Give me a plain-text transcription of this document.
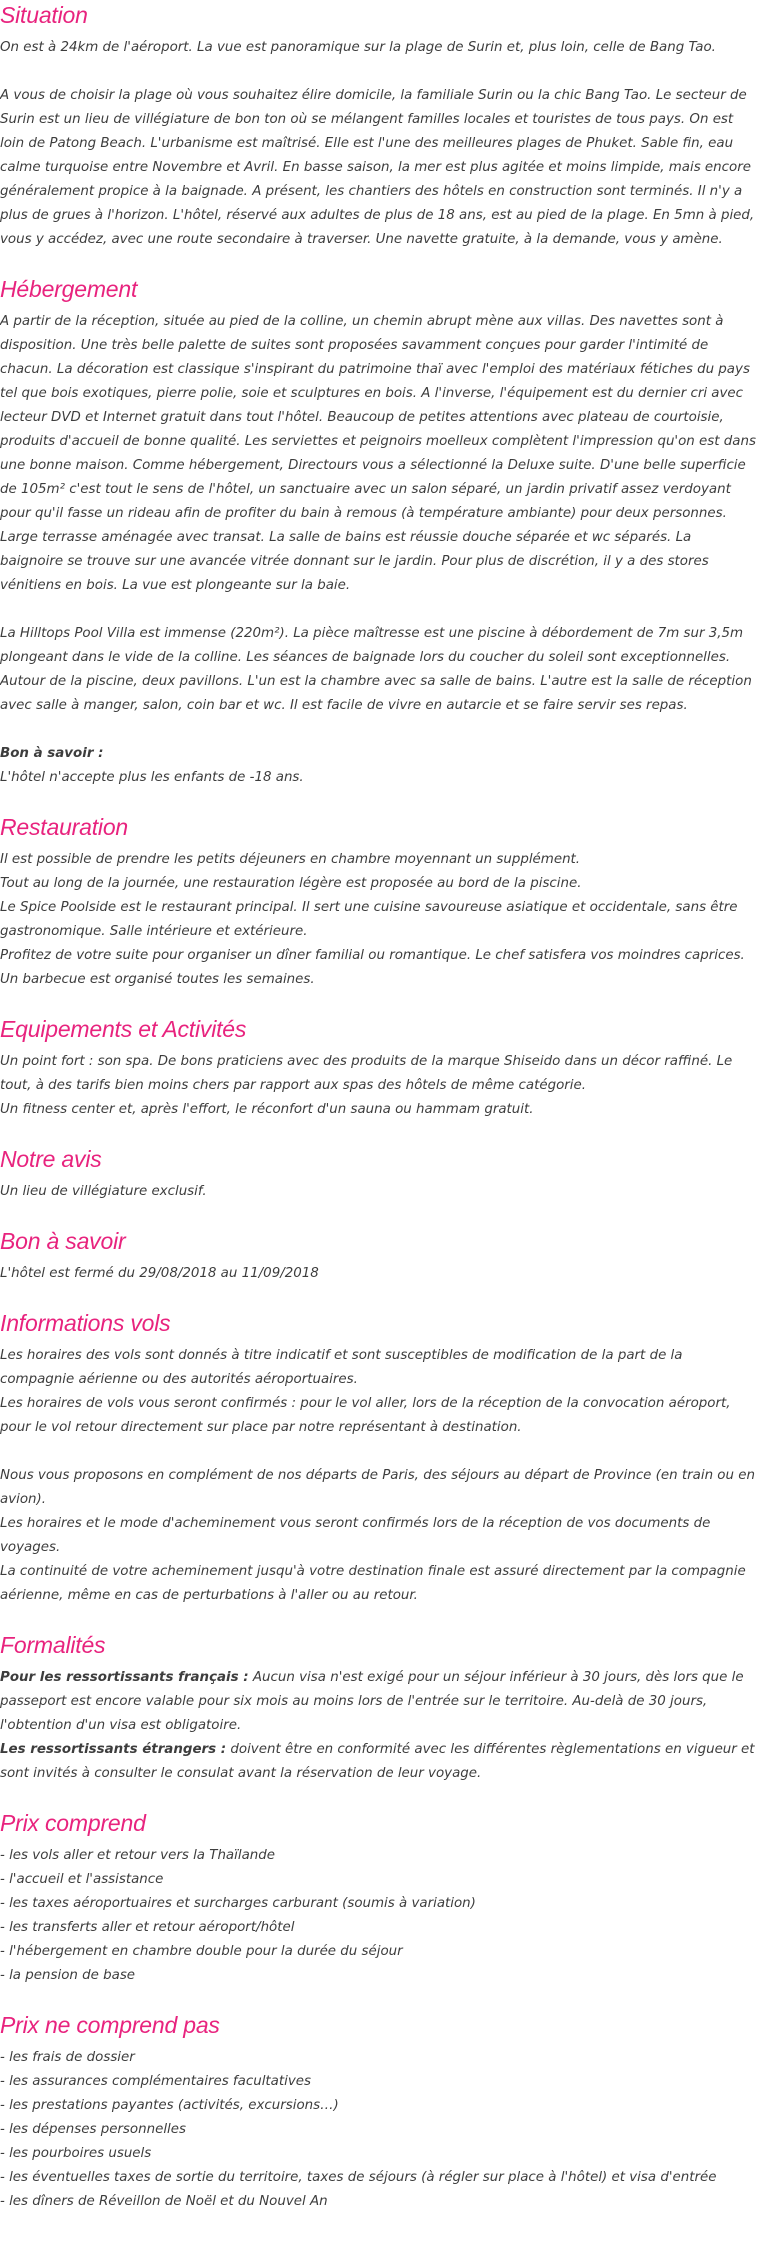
Situation

On est à 24km de l'aéroport. La vue est panoramique sur la plage de Surin et, plus loin, celle de Bang Tao.

A vous de choisir la plage où vous souhaitez élire domicile, la familiale Surin ou la chic Bang Tao. Le secteur de Surin est un lieu de villégiature de bon ton où se mélangent familles locales et touristes de tous pays. On est loin de Patong Beach. L'urbanisme est maîtrisé. Elle est l'une des meilleures plages de Phuket. Sable fin, eau calme turquoise entre Novembre et Avril. En basse saison, la mer est plus agitée et moins limpide, mais encore généralement propice à la baignade. A présent, les chantiers des hôtels en construction sont terminés. Il n'y a plus de grues à l'horizon. L'hôtel, réservé aux adultes de plus de 18 ans, est au pied de la plage. En 5mn à pied, vous y accédez, avec une route secondaire à traverser. Une navette gratuite, à la demande, vous y amène.

Hébergement

A partir de la réception, située au pied de la colline, un chemin abrupt mène aux villas. Des navettes sont à disposition. Une très belle palette de suites sont proposées savamment conçues pour garder l'intimité de chacun. La décoration est classique s'inspirant du patrimoine thaï avec l'emploi des matériaux fétiches du pays tel que bois exotiques, pierre polie, soie et sculptures en bois. A l'inverse, l'équipement est du dernier cri avec lecteur DVD et Internet gratuit dans tout l'hôtel. Beaucoup de petites attentions avec plateau de courtoisie, produits d'accueil de bonne qualité. Les serviettes et peignoirs moelleux complètent l'impression qu'on est dans une bonne maison. Comme hébergement, Directours vous a sélectionné la Deluxe suite. D'une belle superficie de 105m² c'est tout le sens de l'hôtel, un sanctuaire avec un salon séparé, un jardin privatif assez verdoyant pour qu'il fasse un rideau afin de profiter du bain à remous (à température ambiante) pour deux personnes. Large terrasse aménagée avec transat. La salle de bains est réussie douche séparée et wc séparés. La baignoire se trouve sur une avancée vitrée donnant sur le jardin. Pour plus de discrétion, il y a des stores vénitiens en bois. La vue est plongeante sur la baie.

La Hilltops Pool Villa est immense (220m²). La pièce maîtresse est une piscine à débordement de 7m sur 3,5m plongeant dans le vide de la colline. Les séances de baignade lors du coucher du soleil sont exceptionnelles. Autour de la piscine, deux pavillons. L'un est la chambre avec sa salle de bains. L'autre est la salle de réception avec salle à manger, salon, coin bar et wc. Il est facile de vivre en autarcie et se faire servir ses repas.

Bon à savoir :
L'hôtel n'accepte plus les enfants de -18 ans.

Restauration

Il est possible de prendre les petits déjeuners en chambre moyennant un supplément.

Tout au long de la journée, une restauration légère est proposée au bord de la piscine.

Le Spice Poolside est le restaurant principal. Il sert une cuisine savoureuse asiatique et occidentale, sans être gastronomique. Salle intérieure et extérieure.

Profitez de votre suite pour organiser un dîner familial ou romantique. Le chef satisfera vos moindres caprices.

Un barbecue est organisé toutes les semaines.

Equipements et Activités

Un point fort : son spa. De bons praticiens avec des produits de la marque Shiseido dans un décor raffiné. Le tout, à des tarifs bien moins chers par rapport aux spas des hôtels de même catégorie.

Un fitness center et, après l'effort, le réconfort d'un sauna ou hammam gratuit.

Notre avis

Un lieu de villégiature exclusif.

Bon à savoir

L'hôtel est fermé du 29/08/2018 au 11/09/2018

Informations vols

Les horaires des vols sont donnés à titre indicatif et sont susceptibles de modification de la part de la compagnie aérienne ou des autorités aéroportuaires.

Les horaires de vols vous seront confirmés : pour le vol aller, lors de la réception de la convocation aéroport, pour le vol retour directement sur place par notre représentant à destination.

Nous vous proposons en complément de nos départs de Paris, des séjours au départ de Province (en train ou en avion).

Les horaires et le mode d'acheminement vous seront confirmés lors de la réception de vos documents de voyages.

La continuité de votre acheminement jusqu'à votre destination finale est assuré directement par la compagnie aérienne, même en cas de perturbations à l'aller ou au retour.

Formalités

Pour les ressortissants français : Aucun visa n'est exigé pour un séjour inférieur à 30 jours, dès lors que le passeport est encore valable pour six mois au moins lors de l'entrée sur le territoire. Au-delà de 30 jours, l'obtention d'un visa est obligatoire.

Les ressortissants étrangers : doivent être en conformité avec les différentes règlementations en vigueur et sont invités à consulter le consulat avant la réservation de leur voyage.

Prix comprend
- les vols aller et retour vers la Thaïlande
- l'accueil et l'assistance
- les taxes aéroportuaires et surcharges carburant (soumis à variation)
- les transferts aller et retour aéroport/hôtel
- l'hébergement en chambre double pour la durée du séjour
- la pension de base
Prix ne comprend pas
- les frais de dossier
- les assurances complémentaires facultatives
- les prestations payantes (activités, excursions…)
- les dépenses personnelles
- les pourboires usuels
- les éventuelles taxes de sortie du territoire, taxes de séjours (à régler sur place à l'hôtel) et visa d'entrée
- les dîners de Réveillon de Noël et du Nouvel An
